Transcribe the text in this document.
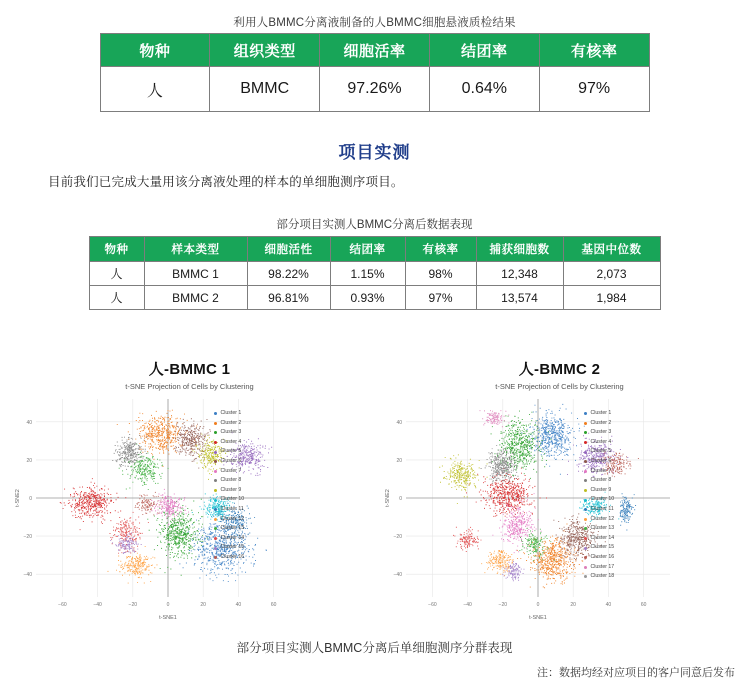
利用人BMMC分离液制备的人BMMC细胞悬液质检结果
物种	组织类型	细胞活率	结团率	有核率
人	BMMC	97.26%	0.64%	97%
项目实测
目前我们已完成大量用该分离液处理的样本的单细胞测序项目。
部分项目实测人BMMC分离后数据表现
物种	样本类型	细胞活性	结团率	有核率	捕获细胞数	基因中位数
人	BMMC 1	98.22%	1.15%	98%	12,348	2,073
人	BMMC 2	96.81%	0.93%	97%	13,574	1,984
人-BMMC 1
t-SNE Projection of Cells by Clustering
−60	−40	−20	0	20	40	60
−40
−20
0
20
40
t-SNE1
t-SNE2
Cluster 1
Cluster 2
Cluster 3
Cluster 4
Cluster 5
Cluster 6
Cluster 7
Cluster 8
Cluster 9
Cluster 10
Cluster 11
Cluster 12
Cluster 13
Cluster 14
Cluster 15
Cluster 16
人-BMMC 2
t-SNE Projection of Cells by Clustering
−60	−40	−20	0	20	40	60
−40
−20
0
20
40
t-SNE1
t-SNE2
Cluster 1
Cluster 2
Cluster 3
Cluster 4
Cluster 5
Cluster 6
Cluster 7
Cluster 8
Cluster 9
Cluster 10
Cluster 11
Cluster 12
Cluster 13
Cluster 14
Cluster 15
Cluster 16
Cluster 17
Cluster 18
部分项目实测人BMMC分离后单细胞测序分群表现
注：数据均经对应项目的客户同意后发布
